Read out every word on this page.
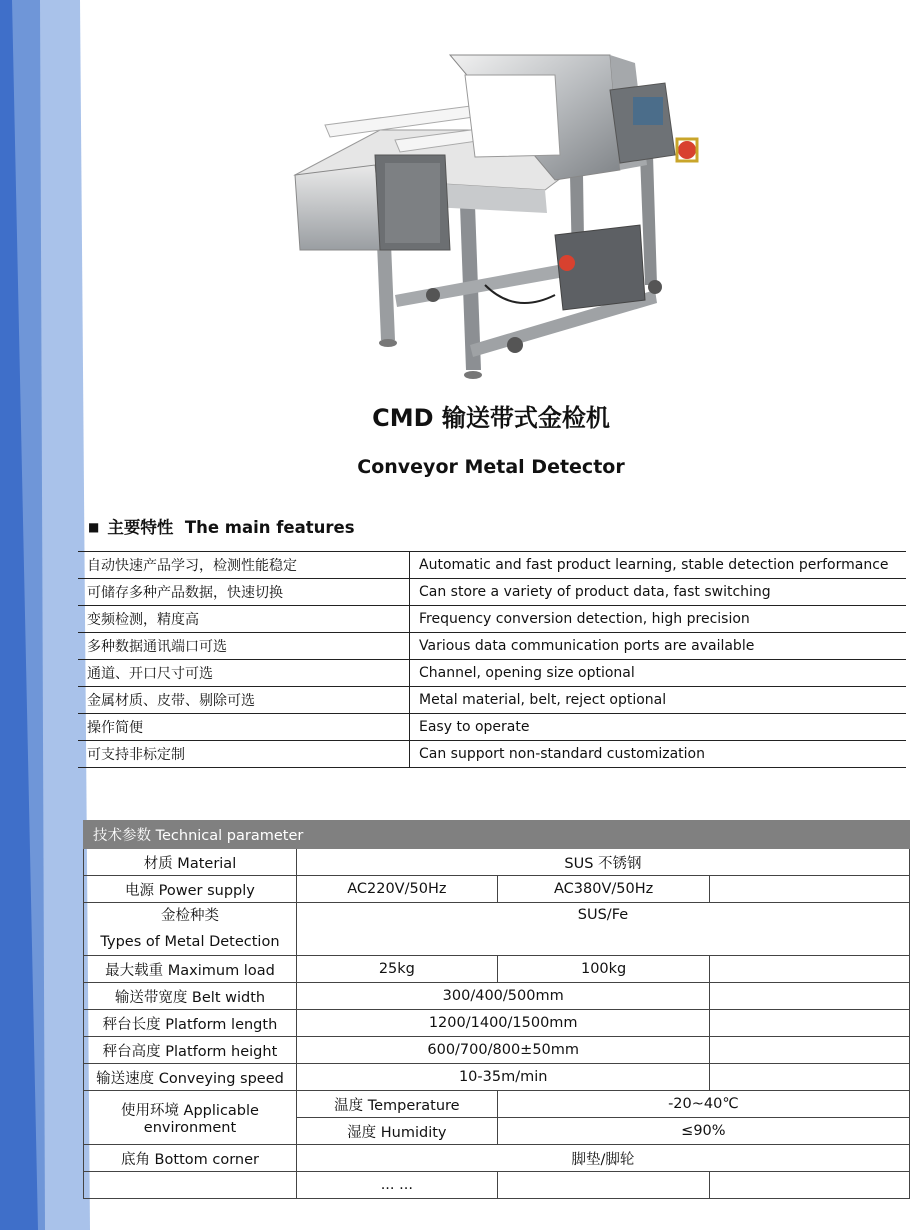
CMD 输送带式金检机
Conveyor Metal Detector
■ 主要特性 The main features
自动快速产品学习，检测性能稳定	Automatic and fast product learning, stable detection performance
可储存多种产品数据，快速切换	Can store a variety of product data, fast switching
变频检测，精度高	Frequency conversion detection, high precision
多种数据通讯端口可选	Various data communication ports are available
通道、开口尺寸可选	Channel, opening size optional
金属材质、皮带、剔除可选	Metal material, belt, reject optional
操作简便	Easy to operate
可支持非标定制	Can support non-standard customization
技术参数 Technical parameter			
材质 Material	SUS 不锈钢		
电源 Power supply	AC220V/50Hz	AC380V/50Hz	
金检种类
Types of Metal Detection	SUS/Fe		
最大载重 Maximum load	25kg	100kg	
输送带宽度 Belt width	300/400/500mm		
秤台长度 Platform length	1200/1400/1500mm		
秤台高度 Platform height	600/700/800±50mm		
输送速度 Conveying speed	10-35m/min		
使用环境 Applicable
environment	温度 Temperature	-20~40℃	
	湿度 Humidity	≤90%	
底角 Bottom corner	脚垫/脚轮		
	... ...		
